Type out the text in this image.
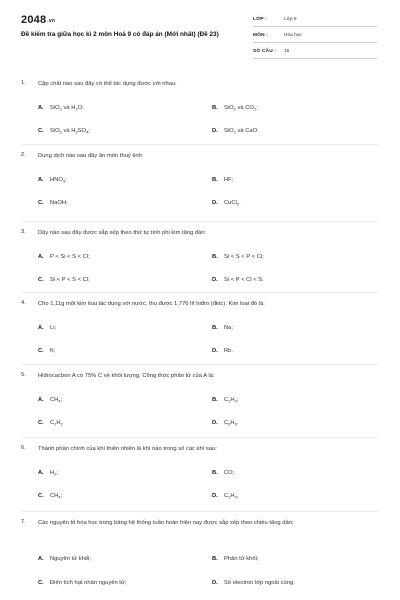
2048.vn
Đề kiểm tra giữa học kì 2 môn Hoá 9 có đáp án (Mới nhất) (Đề 23)
LỚP :	Lớp 9
MÔN :	Hóa học
SỐ CÂU : 15
1. Cặp chất nào sau đây có thể tác dụng được với nhau:
A. SiO$_2$ và $H_2O$;	B. SiO$_2$ và $CO_2$;
C. SiO$_2$ và $H_2SO_4$;	D. SiO$_2$ và CaO.
2. Dung dịch nào sau đây ăn mòn thuỷ tinh:
A. $HNO_3$;	B. HF;
C. NaOH;	D. CuCl$_2$.
3. Dãy nào sau đây được sắp xếp theo thứ tự tính phi kim tăng dần:
A. P < Si < S < Cl;	B. Si < S < P < Cl;
C. Si < P < S < Cl;	D. Si < P < Cl < S.
4. Cho 1,11g một kim loại tác dụng với nước, thu được 1,776 lít hiđro (đktc). Kim loại đó là:
A. Li;	B. Na;
C. K;	D. Rb.
5. Hiđrocacbon A có 75% C về khối lượng. Công thức phân tử của A là:
A. $CH_4$;	B. $C_2H_4$;
C. $C_2H_2$	D. $C_6H_6$.
6. Thành phần chính của khí thiên nhiên là khí nào trong số các khí sau:
A. $H_2$;	B. CO;
C. $CH_4$;	D. $C_2H_4$.
7. Các nguyên tố hóa học trong bảng hệ thống tuần hoàn hiện nay được sắp xếp theo chiều tăng dần:
A. Nguyên tử khối;	B. Phân tử khối;
C. Điện tích hạt nhân nguyên tử;	D. Số electron lớp ngoài cùng.
